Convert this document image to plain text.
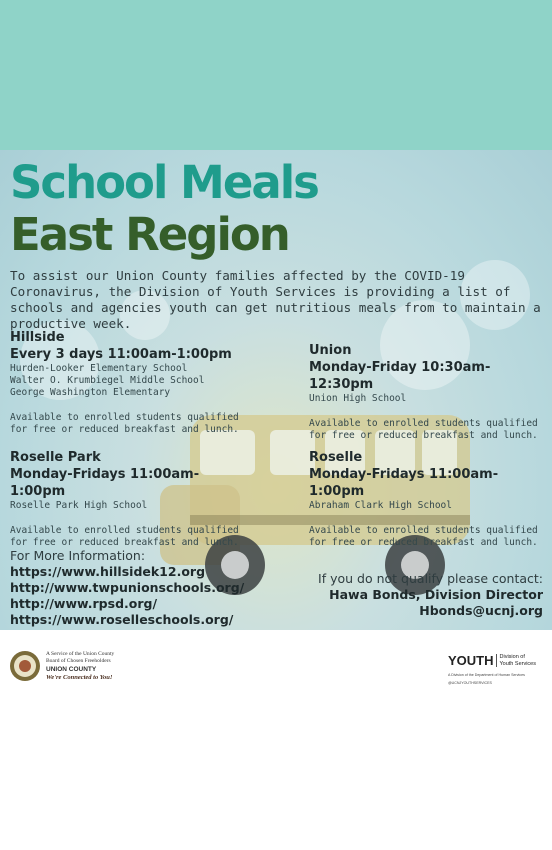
School Meals
East Region
To assist our Union County families affected by the COVID-19 Coronavirus, the Division of Youth Services is providing a list of schools and agencies youth can get nutritious meals from to maintain a productive week.
Hillside
Every 3 days 11:00am-1:00pm
Hurden-Looker Elementary School
Walter O. Krumbiegel Middle School
George Washington Elementary
Available to enrolled students qualified for free or reduced breakfast and lunch.
Union
Monday-Friday 10:30am-12:30pm
Union High School
Available to enrolled students qualified for free or reduced breakfast and lunch.
Roselle Park
Monday-Fridays 11:00am-1:00pm
Roselle Park High School
Available to enrolled students qualified for free or reduced breakfast and lunch.
Roselle
Monday-Fridays 11:00am-1:00pm
Abraham Clark High School
Available to enrolled students qualified for free or reduced breakfast and lunch.
For More Information:
https://www.hillsidek12.org
http://www.twpunionschools.org/
http://www.rpsd.org/
https://www.roselleschools.org/
If you do not qualify please contact:
Hawa Bonds, Division Director
Hbonds@ucnj.org
A Service of the Union County
Board of Chosen Freeholders
UNION COUNTY
We're Connected to You!
YOUTH Division of
Youth Services
A Division of the Department of Human Services
@UCNJYOUTHSERVICES
